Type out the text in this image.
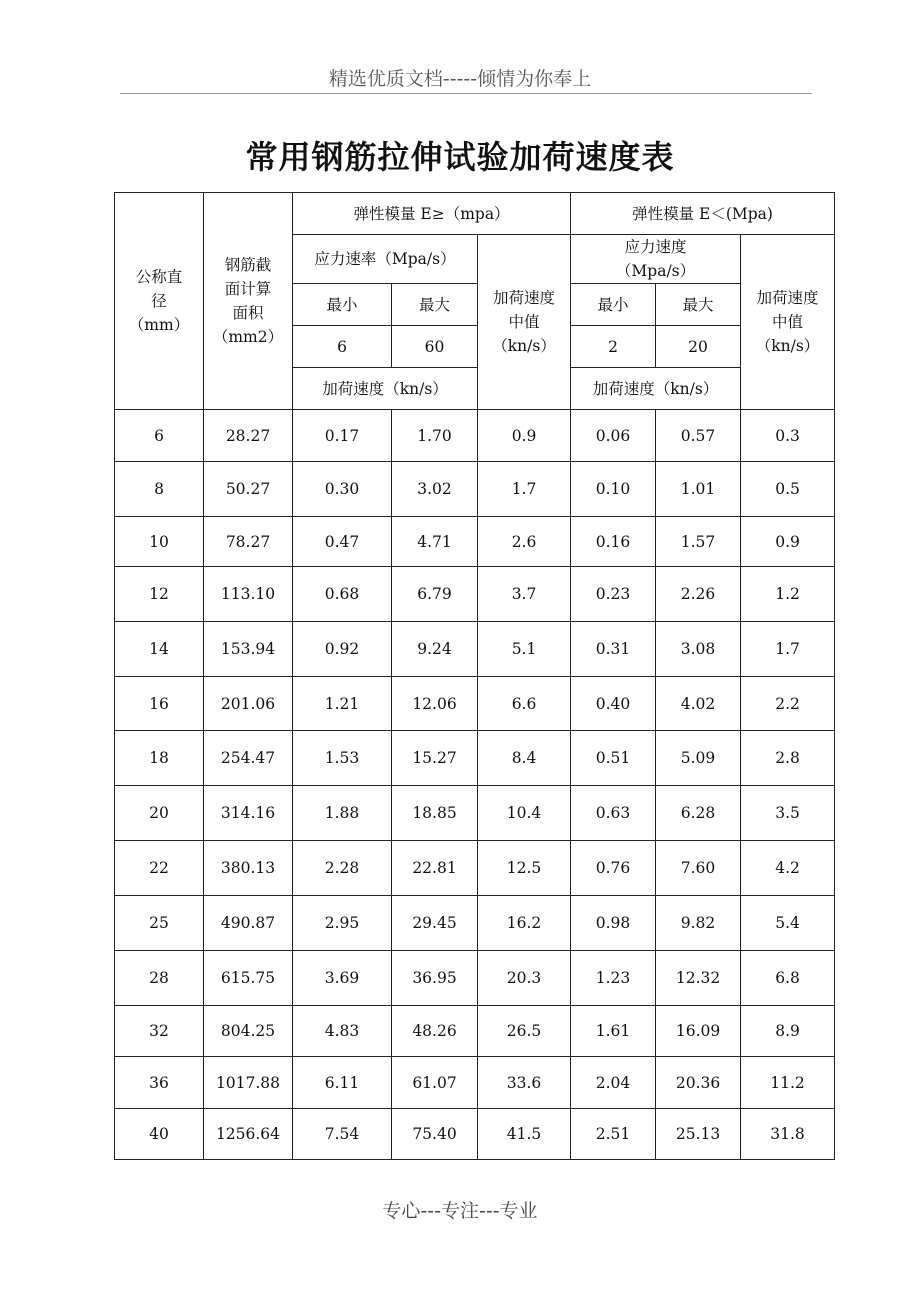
精选优质文档-----倾情为你奉上
常用钢筋拉伸试验加荷速度表
公称直
径
（mm）	钢筋截
面计算
面积
（mm2）	弹性模量 E≥（mpa）			弹性模量 E＜(Mpa)		
		应力速率（Mpa/s）		加荷速度
中值
（kn/s）	应力速度
（Mpa/s）		加荷速度
中值
（kn/s）

		最小	最大		最小	最大	
		6	60		2	20	
		加荷速度（kn/s）			加荷速度（kn/s）		
6	28.27	0.17	1.70	0.9	0.06	0.57	0.3
8	50.27	0.30	3.02	1.7	0.10	1.01	0.5
10	78.27	0.47	4.71	2.6	0.16	1.57	0.9
12	113.10	0.68	6.79	3.7	0.23	2.26	1.2
14	153.94	0.92	9.24	5.1	0.31	3.08	1.7
16	201.06	1.21	12.06	6.6	0.40	4.02	2.2
18	254.47	1.53	15.27	8.4	0.51	5.09	2.8
20	314.16	1.88	18.85	10.4	0.63	6.28	3.5
22	380.13	2.28	22.81	12.5	0.76	7.60	4.2
25	490.87	2.95	29.45	16.2	0.98	9.82	5.4
28	615.75	3.69	36.95	20.3	1.23	12.32	6.8
32	804.25	4.83	48.26	26.5	1.61	16.09	8.9
36	1017.88	6.11	61.07	33.6	2.04	20.36	11.2
40	1256.64	7.54	75.40	41.5	2.51	25.13	31.8
专心---专注---专业
